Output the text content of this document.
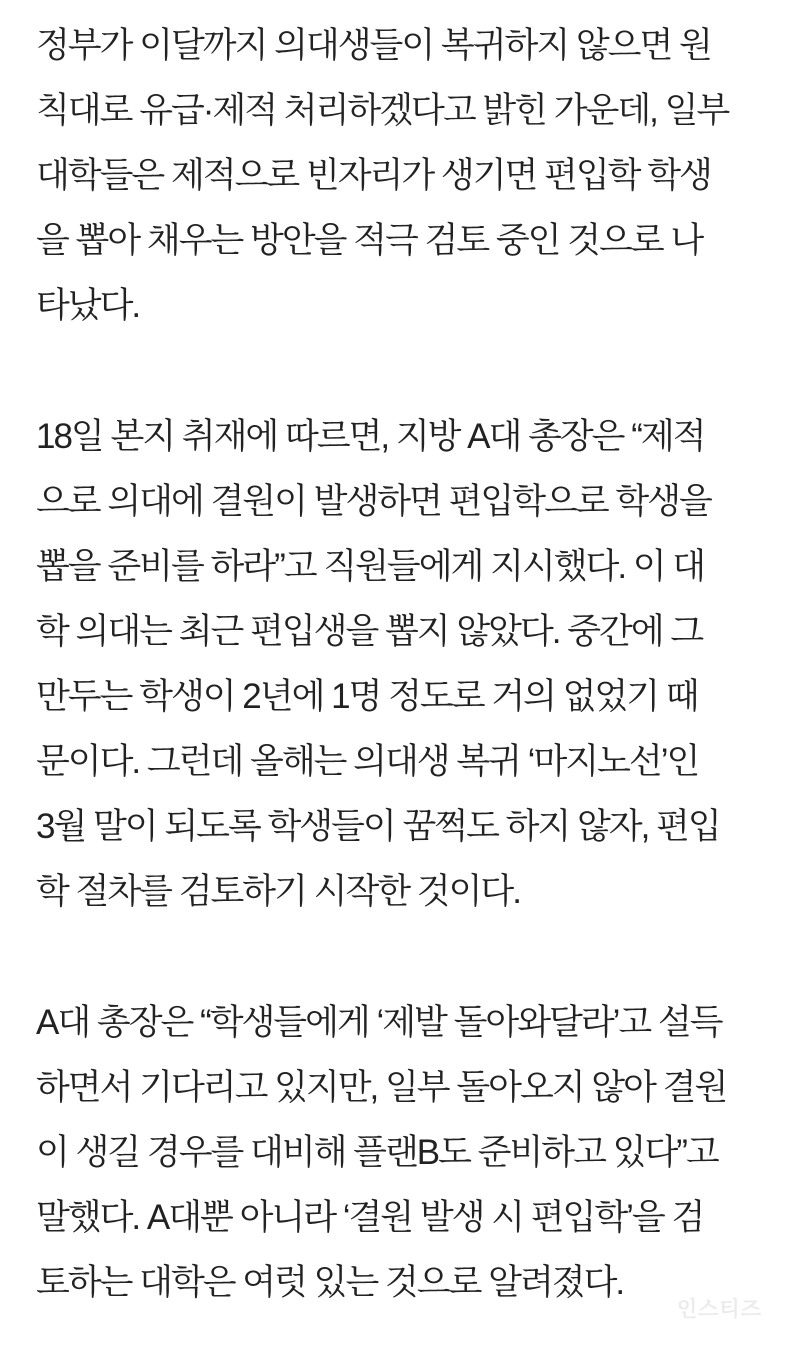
정부가 이달까지 의대생들이 복귀하지 않으면 원

칙대로 유급·제적 처리하겠다고 밝힌 가운데, 일부

대학들은 제적으로 빈자리가 생기면 편입학 학생

을 뽑아 채우는 방안을 적극 검토 중인 것으로 나

타났다.

18일 본지 취재에 따르면, 지방 A대 총장은 “제적

으로 의대에 결원이 발생하면 편입학으로 학생을

뽑을 준비를 하라”고 직원들에게 지시했다. 이 대

학 의대는 최근 편입생을 뽑지 않았다. 중간에 그

만두는 학생이 2년에 1명 정도로 거의 없었기 때

문이다. 그런데 올해는 의대생 복귀 ‘마지노선’인

3월 말이 되도록 학생들이 꿈쩍도 하지 않자, 편입

학 절차를 검토하기 시작한 것이다.

A대 총장은 “학생들에게 ‘제발 돌아와달라’고 설득

하면서 기다리고 있지만, 일부 돌아오지 않아 결원

이 생길 경우를 대비해 플랜B도 준비하고 있다”고

말했다. A대뿐 아니라 ‘결원 발생 시 편입학’을 검

토하는 대학은 여럿 있는 것으로 알려졌다.

인스티즈
